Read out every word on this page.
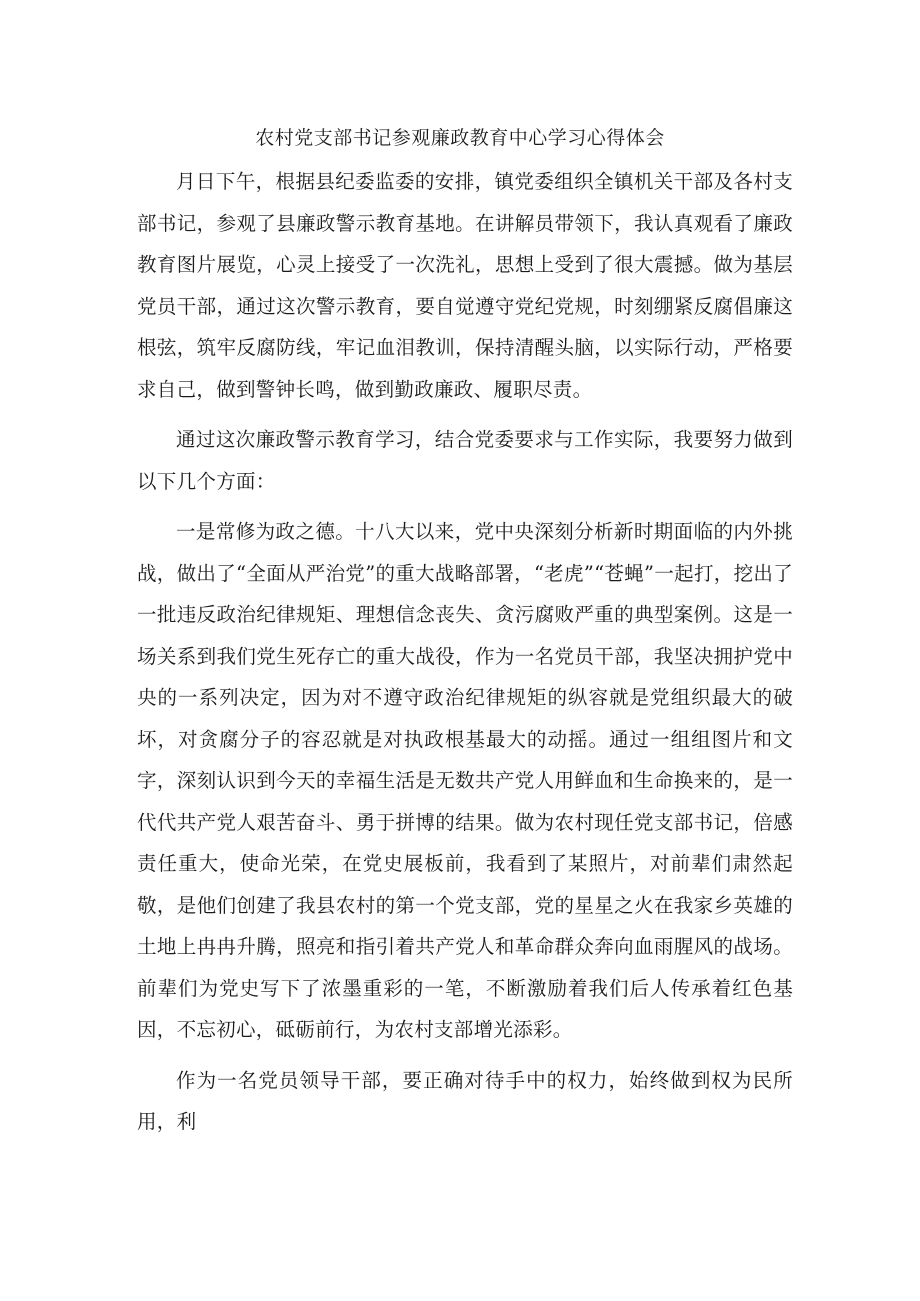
农村党支部书记参观廉政教育中心学习心得体会

月日下午，根据县纪委监委的安排，镇党委组织全镇机关干部及各村支部书记，参观了县廉政警示教育基地。在讲解员带领下，我认真观看了廉政教育图片展览，心灵上接受了一次洗礼，思想上受到了很大震撼。做为基层党员干部，通过这次警示教育，要自觉遵守党纪党规，时刻绷紧反腐倡廉这根弦，筑牢反腐防线，牢记血泪教训，保持清醒头脑，以实际行动，严格要求自己，做到警钟长鸣，做到勤政廉政、履职尽责。

通过这次廉政警示教育学习，结合党委要求与工作实际，我要努力做到以下几个方面：

一是常修为政之德。十八大以来，党中央深刻分析新时期面临的内外挑战，做出了“全面从严治党”的重大战略部署，“老虎”“苍蝇”一起打，挖出了一批违反政治纪律规矩、理想信念丧失、贪污腐败严重的典型案例。这是一场关系到我们党生死存亡的重大战役，作为一名党员干部，我坚决拥护党中央的一系列决定，因为对不遵守政治纪律规矩的纵容就是党组织最大的破坏，对贪腐分子的容忍就是对执政根基最大的动摇。通过一组组图片和文字，深刻认识到今天的幸福生活是无数共产党人用鲜血和生命换来的，是一代代共产党人艰苦奋斗、勇于拼博的结果。做为农村现任党支部书记，倍感责任重大，使命光荣，在党史展板前，我看到了某照片，对前辈们肃然起敬，是他们创建了我县农村的第一个党支部，党的星星之火在我家乡英雄的土地上冉冉升腾，照亮和指引着共产党人和革命群众奔向血雨腥风的战场。前辈们为党史写下了浓墨重彩的一笔，不断激励着我们后人传承着红色基因，不忘初心，砥砺前行，为农村支部增光添彩。

作为一名党员领导干部，要正确对待手中的权力，始终做到权为民所用，利
